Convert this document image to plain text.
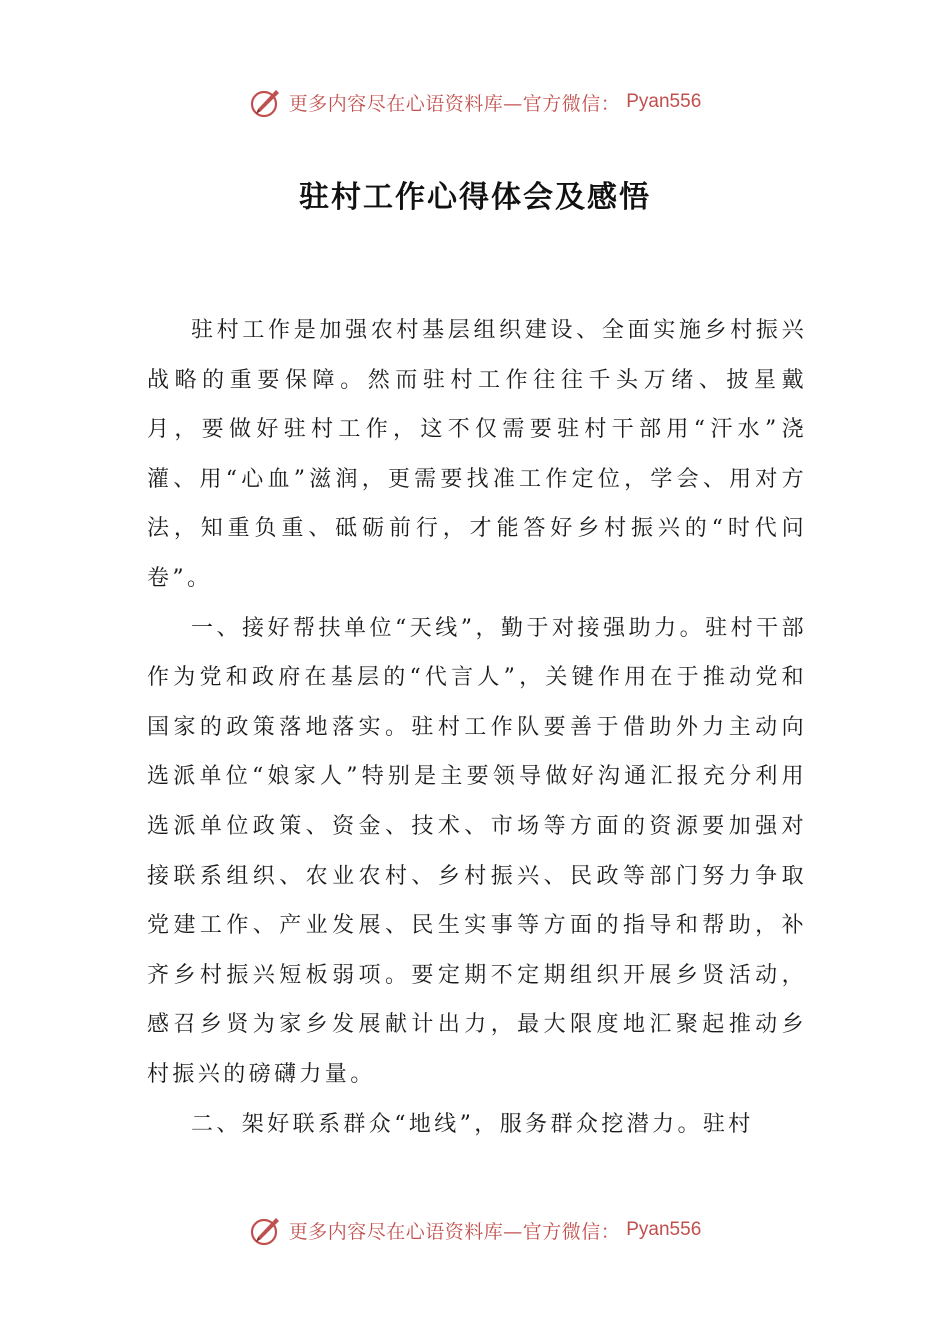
更多内容尽在心语资料库—官方微信： Pyan556
驻村工作心得体会及感悟

驻村工作是加强农村基层组织建设、全面实施乡村振兴战略的重要保障。然而驻村工作往往千头万绪、披星戴月，要做好驻村工作，这不仅需要驻村干部用“汗水”浇灌、用“心血”滋润，更需要找准工作定位，学会、用对方法，知重负重、砥砺前行，才能答好乡村振兴的“时代问卷”。

一、接好帮扶单位“天线”，勤于对接强助力。驻村干部作为党和政府在基层的“代言人”，关键作用在于推动党和国家的政策落地落实。驻村工作队要善于借助外力主动向选派单位“娘家人”特别是主要领导做好沟通汇报充分利用选派单位政策、资金、技术、市场等方面的资源要加强对接联系组织、农业农村、乡村振兴、民政等部门努力争取党建工作、产业发展、民生实事等方面的指导和帮助，补齐乡村振兴短板弱项。要定期不定期组织开展乡贤活动，感召乡贤为家乡发展献计出力，最大限度地汇聚起推动乡村振兴的磅礴力量。

二、架好联系群众“地线”，服务群众挖潜力。驻村

更多内容尽在心语资料库—官方微信： Pyan556
